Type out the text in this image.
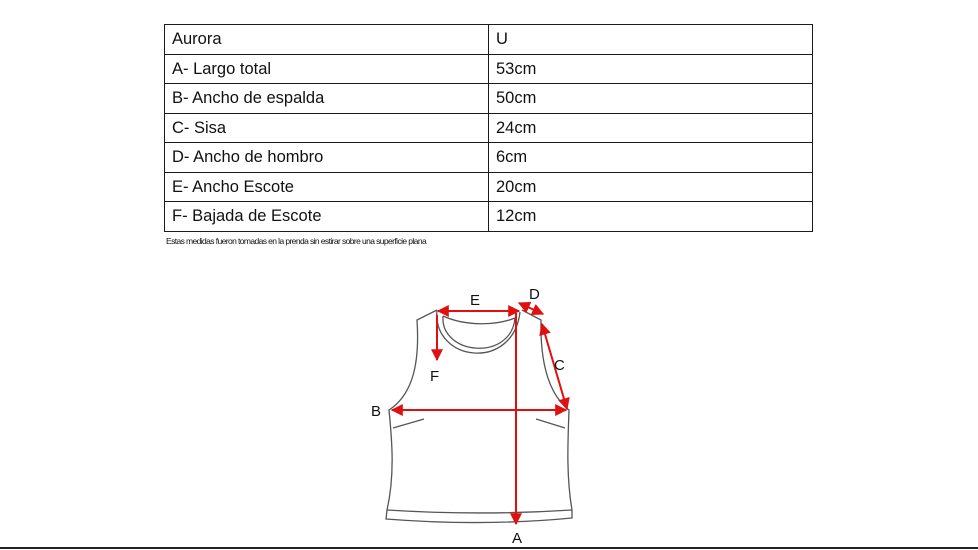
Aurora	U
A- Largo total	53cm
B- Ancho de espalda	50cm
C- Sisa	24cm
D- Ancho de hombro	6cm
E- Ancho Escote	20cm
F- Bajada de Escote	12cm
Estas medidas fueron tomadas en la prenda sin estirar sobre una superficie plana
A
B
C
D
E
F
